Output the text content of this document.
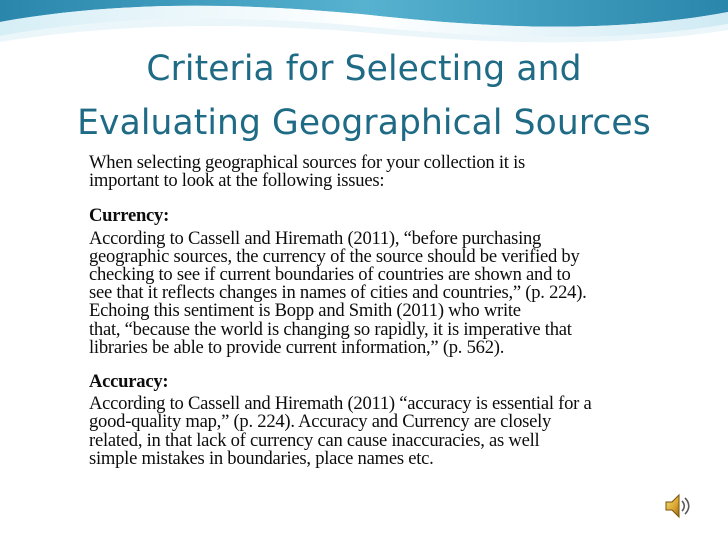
Criteria for Selecting and
Evaluating Geographical Sources

When selecting geographical sources for your collection it is
important to look at the following issues:

Currency:

According to Cassell and Hiremath (2011), “before purchasing
geographic sources, the currency of the source should be verified by
checking to see if current boundaries of countries are shown and to
see that it reflects changes in names of cities and countries,” (p. 224).
Echoing this sentiment is Bopp and Smith (2011) who write
that, “because the world is changing so rapidly, it is imperative that
libraries be able to provide current information,” (p. 562).

Accuracy:

According to Cassell and Hiremath (2011) “accuracy is essential for a
good-quality map,” (p. 224). Accuracy and Currency are closely
related, in that lack of currency can cause inaccuracies, as well
simple mistakes in boundaries, place names etc.
